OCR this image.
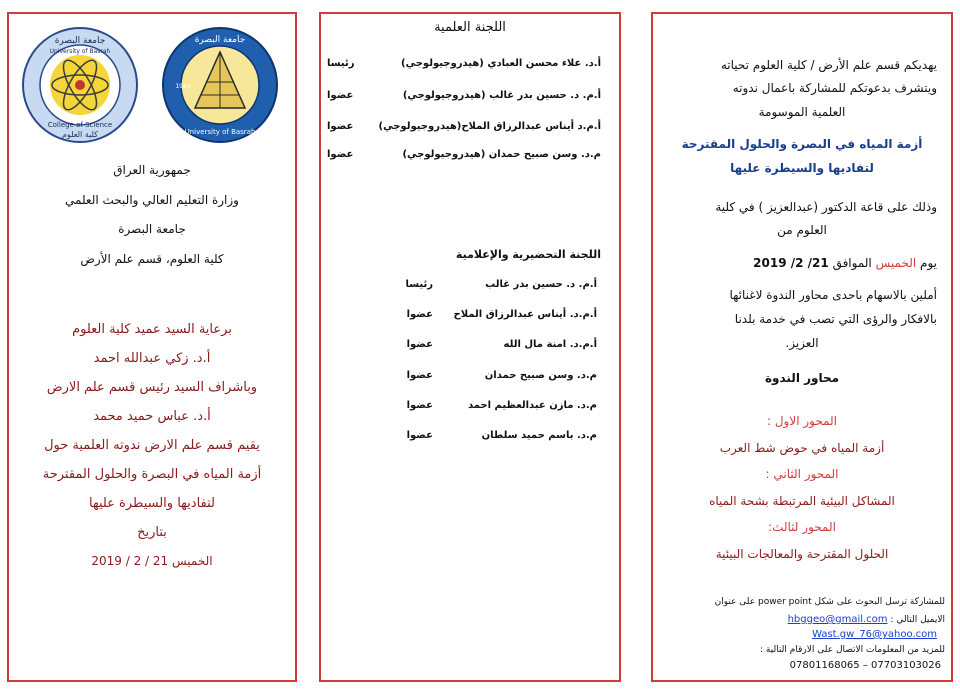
جامعة البصرة
University of Basrah
College of Science
كلية العلوم
جامعة البصرة
University of Basrah
1964
جمهورية العراق
وزارة التعليم العالي والبحث العلمي
جامعة البصرة
كلية العلوم، قسم علم الأرض
برعاية السيد عميد كلية العلوم
أ.د. زكي عبدالله احمد
وباشراف السيد رئيس قسم علم الارض
أ.د. عباس حميد محمد
يقيم قسم علم الارض ندوته العلمية حول
أزمة المياه في البصرة والحلول المقترحة
لتفاديها والسيطرة عليها
بتاريخ
الخميس 21 / 2 / 2019
اللجنة العلمية
أ.د. علاء محسن العبادي (هيدروجيولوجي)
رئيسا
أ.م. د. حسين بدر غالب (هيدروجيولوجي)
عضوا
أ.م.د أيناس عبدالرزاق الملاح(هيدروجيولوجي)
عضوا
م.د. وسن صبيح حمدان (هيدروجيولوجي)
عضوا
اللجنة التحضيرية والإعلامية
أ.م. د. حسين بدر غالب
رئيسا
أ.م.د. أيناس عبدالرزاق الملاح
عضوا
أ.م.د. امنة مال الله
عضوا
م.د. وسن صبيح حمدان
عضوا
م.د. مازن عبدالعظيم احمد
عضوا
م.د. باسم حميد سلطان
عضوا
يهديكم قسم علم الأرض / كلية العلوم تحياته
ويتشرف بدعوتكم للمشاركة باعمال ندوته
العلمية الموسومة
أزمة المياه في البصرة والحلول المقترحة
لتفاديها والسيطرة عليها
وذلك على قاعة الدكتور (عبدالعزيز ) في كلية
العلوم من
يوم الخميس الموافق 21/ 2/ 2019
أملين بالاسهام باحدى محاور الندوة لاغنائها
بالافكار والرؤى التي تصب في خدمة بلدنا
العزيز.
محاور الندوة
المحور الاول :
أزمة المياه في حوض شط العرب
المحور الثاني :
المشاكل البيئية المرتبطة بشحة المياه
المحور لثالث:
الحلول المقترحة والمعالجات البيئية
للمشاركة ترسل البحوث على شكل power point على عنوان
الايميل التالي : hbggeo@gmail.com
Wast.gw_76@yahoo.com
للمزيد من المعلومات الاتصال على الارقام التالية :
07801168065 – 07703103026
